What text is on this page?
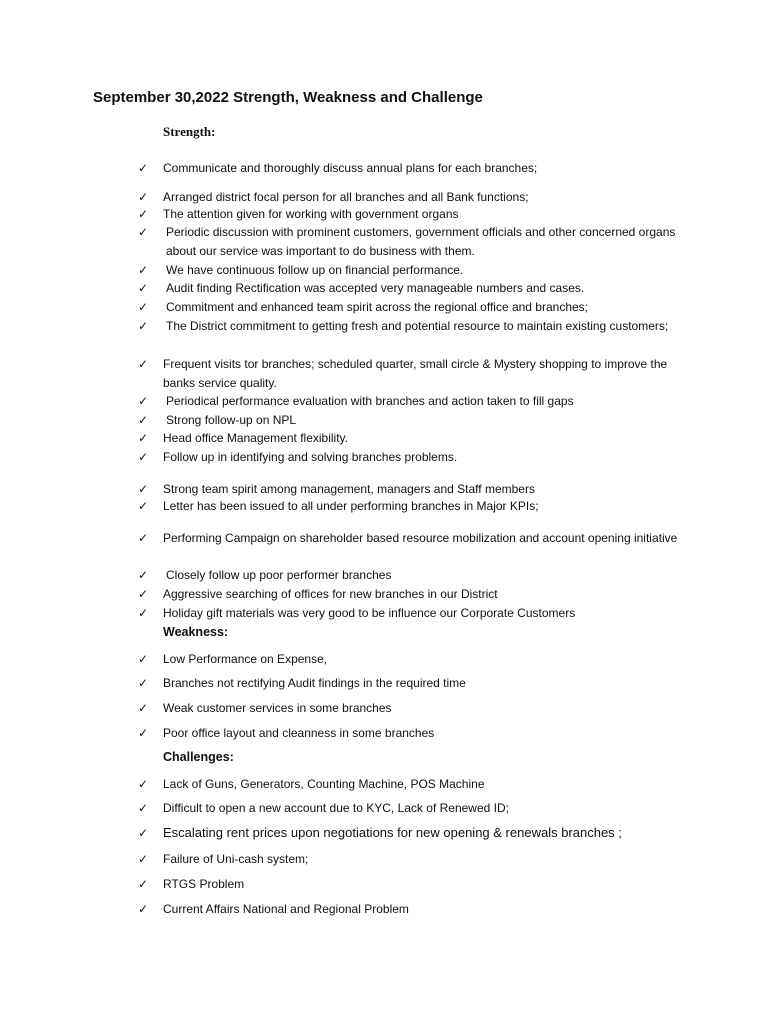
September 30,2022 Strength, Weakness and Challenge
Strength:
✓ Communicate and thoroughly discuss annual plans for each branches;
✓ Arranged district focal person for all branches and all Bank functions;
✓ The attention given for working with government organs
✓ Periodic discussion with prominent customers, government officials and other concerned organs about our service was important to do business with them.
✓ We have continuous follow up on financial performance.
✓ Audit finding Rectification was accepted very manageable numbers and cases.
✓ Commitment and enhanced team spirit across the regional office and branches;
✓ The District commitment to getting fresh and potential resource to maintain existing customers;
✓ Frequent visits tor branches; scheduled quarter, small circle & Mystery shopping to improve the banks service quality.
✓ Periodical performance evaluation with branches and action taken to fill gaps
✓ Strong follow-up on NPL
✓ Head office Management flexibility.
✓ Follow up in identifying and solving branches problems.
✓ Strong team spirit among management, managers and Staff members
✓ Letter has been issued to all under performing branches in Major KPIs;
✓ Performing Campaign on shareholder based resource mobilization and account opening initiative
✓ Closely follow up poor performer branches
✓ Aggressive searching of offices for new branches in our District
✓ Holiday gift materials was very good to be influence our Corporate Customers
Weakness:
✓ Low Performance on Expense,
✓ Branches not rectifying Audit findings in the required time
✓ Weak customer services in some branches
✓ Poor office layout and cleanness in some branches
Challenges:
✓ Lack of Guns, Generators, Counting Machine, POS Machine
✓ Difficult to open a new account due to KYC, Lack of Renewed ID;
✓ Escalating rent prices upon negotiations for new opening & renewals branches ;
✓ Failure of Uni-cash system;
✓ RTGS Problem
✓ Current Affairs National and Regional Problem
